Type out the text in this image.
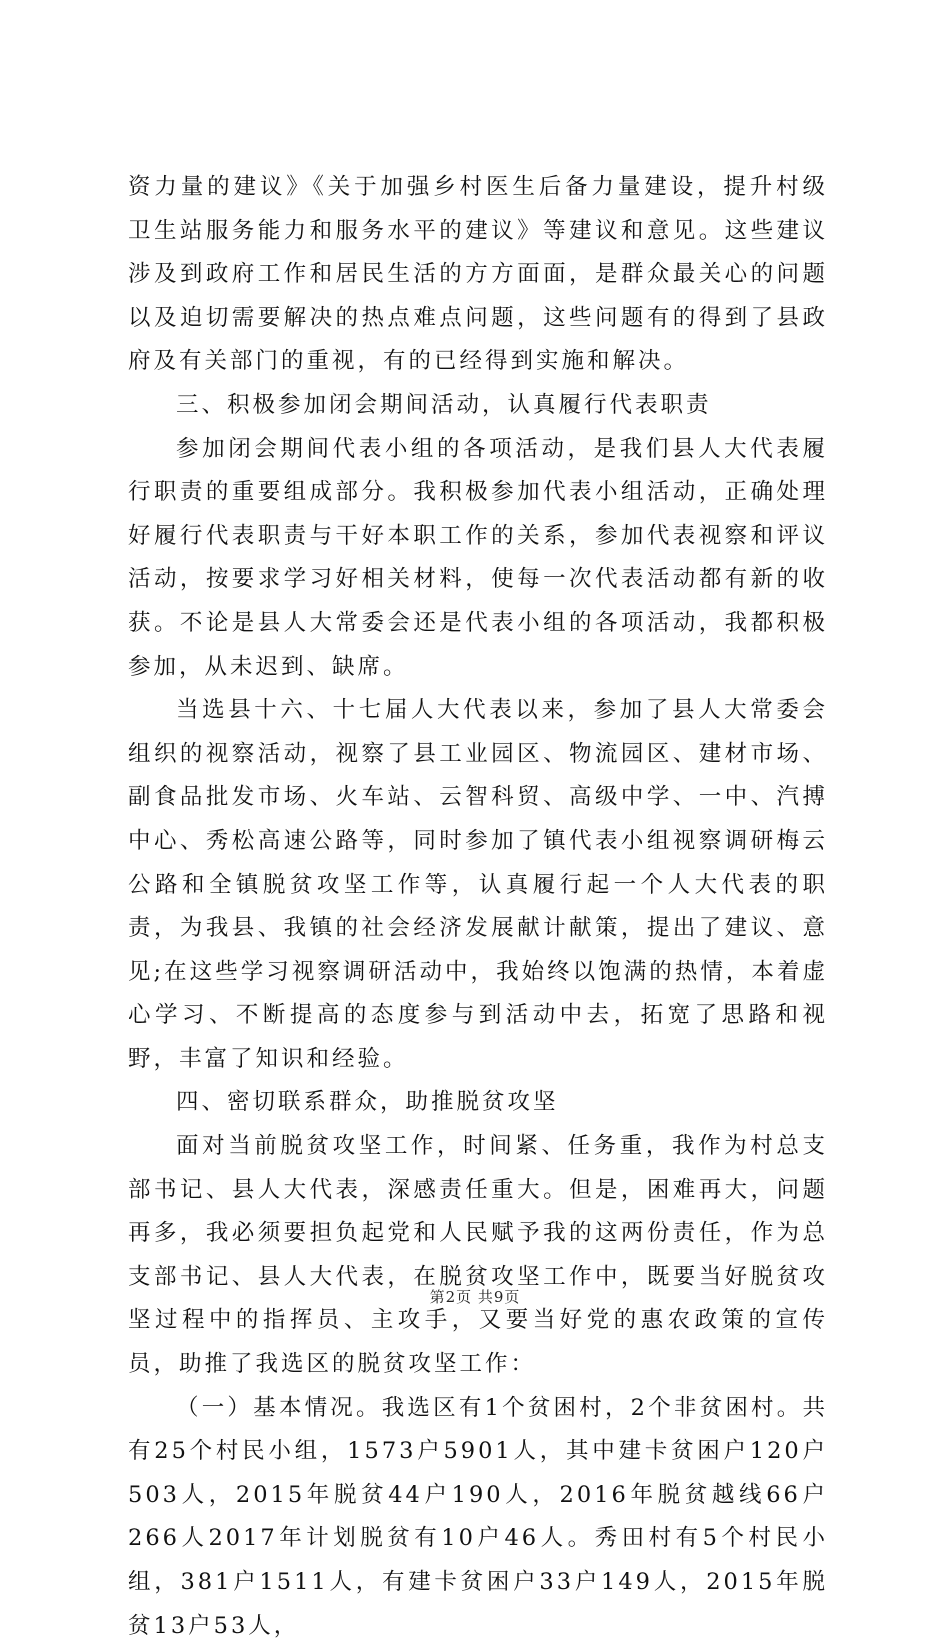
资力量的建议》《关于加强乡村医生后备力量建设，提升村级卫生站服务能力和服务水平的建议》等建议和意见。这些建议涉及到政府工作和居民生活的方方面面，是群众最关心的问题以及迫切需要解决的热点难点问题，这些问题有的得到了县政府及有关部门的重视，有的已经得到实施和解决。

三、积极参加闭会期间活动，认真履行代表职责

参加闭会期间代表小组的各项活动，是我们县人大代表履行职责的重要组成部分。我积极参加代表小组活动，正确处理好履行代表职责与干好本职工作的关系，参加代表视察和评议活动，按要求学习好相关材料，使每一次代表活动都有新的收获。不论是县人大常委会还是代表小组的各项活动，我都积极参加，从未迟到、缺席。

当选县十六、十七届人大代表以来，参加了县人大常委会组织的视察活动，视察了县工业园区、物流园区、建材市场、副食品批发市场、火车站、云智科贸、高级中学、一中、汽搏中心、秀松高速公路等，同时参加了镇代表小组视察调研梅云公路和全镇脱贫攻坚工作等，认真履行起一个人大代表的职责，为我县、我镇的社会经济发展献计献策，提出了建议、意见;在这些学习视察调研活动中，我始终以饱满的热情，本着虚心学习、不断提高的态度参与到活动中去，拓宽了思路和视野，丰富了知识和经验。

四、密切联系群众，助推脱贫攻坚

面对当前脱贫攻坚工作，时间紧、任务重，我作为村总支部书记、县人大代表，深感责任重大。但是，困难再大，问题再多，我必须要担负起党和人民赋予我的这两份责任，作为总支部书记、县人大代表，在脱贫攻坚工作中，既要当好脱贫攻坚过程中的指挥员、主攻手，又要当好党的惠农政策的宣传员，助推了我选区的脱贫攻坚工作：

（一）基本情况。我选区有1个贫困村，2个非贫困村。共有25个村民小组，1573户5901人，其中建卡贫困户120户503人，2015年脱贫44户190人，2016年脱贫越线66户266人2017年计划脱贫有10户46人。秀田村有5个村民小组，381户1511人，有建卡贫困户33户149人，2015年脱贫13户53人，

第2页 共9页
